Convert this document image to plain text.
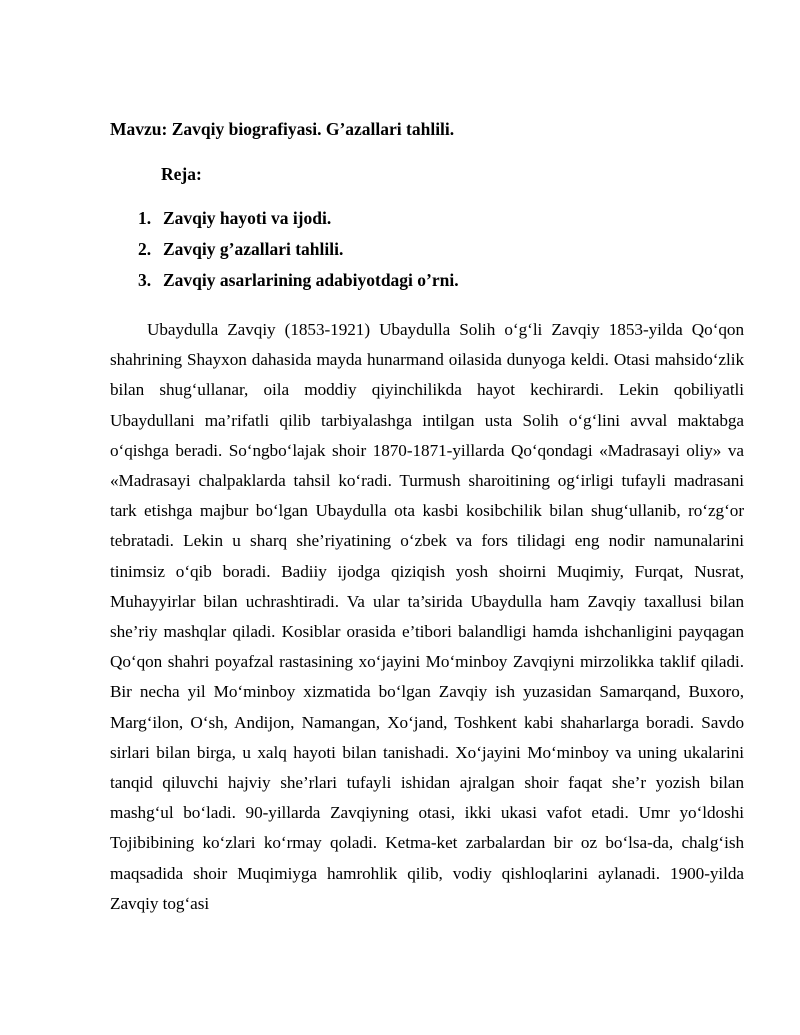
Mavzu: Zavqiy biografiyasi. G’azallari tahlili.
Reja:
1. Zavqiy hayoti va ijodi.
2. Zavqiy g’azallari tahlili.
3. Zavqiy asarlarining adabiyotdagi o’rni.

Ubaydulla Zavqiy (1853-1921) Ubaydulla Solih o‘g‘li Zavqiy 1853-yilda Qo‘qon shahrining Shayxon dahasida mayda hunarmand oilasida dunyoga keldi. Otasi mahsido‘zlik bilan shug‘ullanar, oila moddiy qiyinchilikda hayot kechirardi. Lekin qobiliyatli Ubaydullani ma’rifatli qilib tarbiyalashga intilgan usta Solih o‘g‘lini avval maktabga o‘qishga beradi. So‘ngbo‘lajak shoir 1870-1871-yillarda Qo‘qondagi «Madrasayi oliy» va «Madrasayi chalpaklarda tahsil ko‘radi. Turmush sharoitining og‘irligi tufayli madrasani tark etishga majbur bo‘lgan Ubaydulla ota kasbi kosibchilik bilan shug‘ullanib, ro‘zg‘or tebratadi. Lekin u sharq she’riyatining o‘zbek va fors tilidagi eng nodir namunalarini tinimsiz o‘qib boradi. Badiiy ijodga qiziqish yosh shoirni Muqimiy, Furqat, Nusrat, Muhayyirlar bilan uchrashtiradi. Va ular ta’sirida Ubaydulla ham Zavqiy taxallusi bilan she’riy mashqlar qiladi. Kosiblar orasida e’tibori balandligi hamda ishchanligini payqagan Qo‘qon shahri poyafzal rastasining xo‘jayini Mo‘minboy Zavqiyni mirzolikka taklif qiladi. Bir necha yil Mo‘minboy xizmatida bo‘lgan Zavqiy ish yuzasidan Samarqand, Buxoro, Marg‘ilon, O‘sh, Andijon, Namangan, Xo‘jand, Toshkent kabi shaharlarga boradi. Savdo sirlari bilan birga, u xalq hayoti bilan tanishadi. Xo‘jayini Mo‘minboy va uning ukalarini tanqid qiluvchi hajviy she’rlari tufayli ishidan ajralgan shoir faqat she’r yozish bilan mashg‘ul bo‘ladi. 90-yillarda Zavqiyning otasi, ikki ukasi vafot etadi. Umr yo‘ldoshi Tojibibining ko‘zlari ko‘rmay qoladi. Ketma-ket zarbalardan bir oz bo‘lsa-da, chalg‘ish maqsadida shoir Muqimiyga hamrohlik qilib, vodiy qishloqlarini aylanadi. 1900-yilda Zavqiy tog‘asi
